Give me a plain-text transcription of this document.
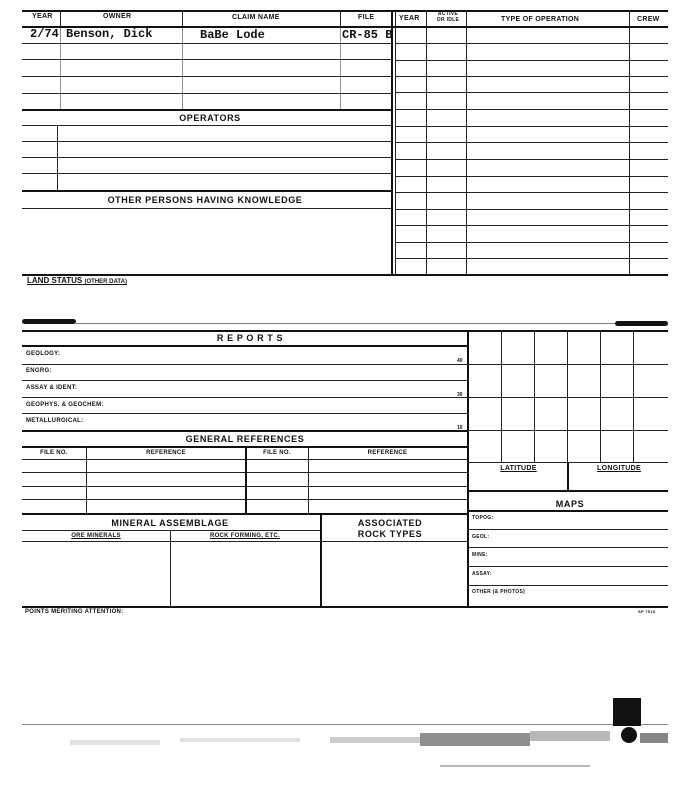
YEAR	OWNER	CLAIM NAME	FILE	YEAR
ACTIVE
OR IDLE	TYPE OF OPERATION	CREW
2/74 Benson, Dick	BaBe Lode	CR-85 B
OPERATORS
OTHER PERSONS HAVING KNOWLEDGE
LAND STATUS (OTHER DATA)
R E P O R T S
GEOLOGY:
40
ENGRG:
ASSAY & IDENT:
30
GEOPHYS. & GEOCHEM:
METALLURGICAL:
10
GENERAL REFERENCES
FILE NO.	REFERENCE	FILE NO.	REFERENCE
MINERAL ASSEMBLAGE	ASSOCIATED
ROCK TYPES
ORE MINERALS	ROCK FORMING, ETC.
LATITUDE	LONGITUDE
MAPS
TOPOG:
GEOL:
MINE:
ASSAY:
OTHER (& PHOTOS)
POINTS MERITING ATTENTION:	SP 7515
